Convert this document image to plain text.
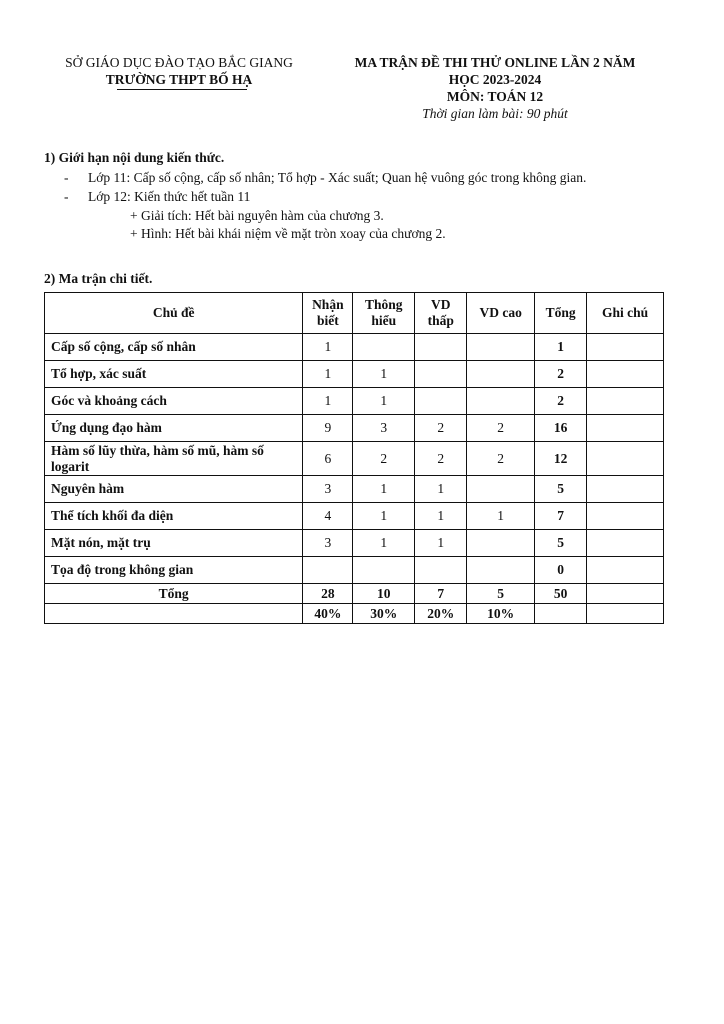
SỞ GIÁO DỤC ĐÀO TẠO BẮC GIANG
TRƯỜNG THPT BỐ HẠ
MA TRẬN ĐỀ THI THỬ ONLINE LẦN 2 NĂM
HỌC 2023-2024
MÔN: TOÁN 12
Thời gian làm bài: 90 phút
1) Giới hạn nội dung kiến thức.
- Lớp 11: Cấp số cộng, cấp số nhân; Tổ hợp - Xác suất; Quan hệ vuông góc trong không gian.
- Lớp 12: Kiến thức hết tuần 11
+ Giải tích: Hết bài nguyên hàm của chương 3.
+ Hình: Hết bài khái niệm về mặt tròn xoay của chương 2.
2) Ma trận chi tiết.
Chủ đề	Nhận biết	Thông hiểu	VD thấp	VD cao	Tổng	Ghi chú
Cấp số cộng, cấp số nhân	1				1	
Tổ hợp, xác suất	1	1			2	
Góc và khoảng cách	1	1			2	
Ứng dụng đạo hàm	9	3	2	2	16	
Hàm số lũy thừa, hàm số mũ, hàm số logarit	6	2	2	2	12	
Nguyên hàm	3	1	1		5	
Thể tích khối đa diện	4	1	1	1	7	
Mặt nón, mặt trụ	3	1	1		5	
Tọa độ trong không gian					0	
Tổng	28	10	7	5	50	
	40%	30%	20%	10%		
